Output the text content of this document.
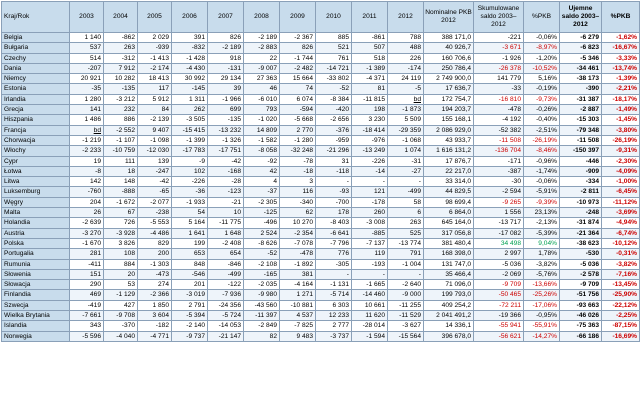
Kraj/Rok	2003	2004	2005	2006	2007	2008	2009	2010	2011	2012	Nominalne PKB 2012	Skumulowane saldo 2003–2012	%PKB	Ujemne saldo 2003–2012	%PKB
Belgia	1 140	-862	2 029	391	826	-2 189	-2 367	885	-861	788	388 171,0	-221	-0,06%	-6 279	-1,62%
Bułgaria	537	263	-939	-832	-2 189	-2 883	826	521	507	488	40 926,7	-3 671	-8,97%	-6 823	-16,67%
Czechy	514	-312	-1 413	-1 428	918	22	-1 744	761	518	226	160 706,6	-1 926	-1,20%	-5 346	-3,33%
Dania	-207	7 912	-2 174	-4 430	-131	-9 007	-2 482	-14 721	-1 389	-174	250 786,4	-26 378	-10,52%	-34 461	-13,74%
Niemcy	20 921	10 282	18 413	30 992	29 134	27 363	15 664	-33 802	-4 371	24 119	2 749 900,0	141 779	5,16%	-38 173	-1,39%
Estonia	-35	-135	117	-145	39	46	74	-52	81	-5	17 636,7	-33	-0,19%	-390	-2,21%
Irlandia	1 280	-3 212	5 912	1 311	-1 966	-6 010	6 074	-8 384	-11 815	bd	172 754,7	-16 810	-9,73%	-31 387	-18,17%
Grecja	141	232	84	262	699	793	-594	-420	198	-1 873	194 203,7	-478	-0,26%	-2 887	-1,49%
Hiszpania	1 486	886	-2 139	-3 505	-135	-1 020	-5 668	-2 656	3 230	5 509	155 168,1	-4 192	-0,40%	-15 303	-1,45%
Francja	bd	-2 552	9 407	-15 415	-13 232	14 809	2 770	-376	-18 414	-29 359	2 086 929,0	-52 382	-2,51%	-79 348	-3,80%
Chorwacja	-1 219	-1 107	-1 098	-1 399	-1 326	-1 582	-1 280	-959	-976	-1 068	43 933,7	-11 508	-26,19%	-11 508	-26,19%
Włochy	-2 233	-10 759	-12 030	-17 783	-17 751	-8 058	-32 248	-21 296	-13 249	1 074	1 616 131,2	-136 704	-8,46%	-150 397	-9,31%
Cypr	19	111	139	-9	-42	-92	-78	31	-226	-31	17 876,7	-171	-0,96%	-446	-2,30%
Łotwa	-8	18	-247	102	-168	42	-18	-118	-14	-27	22 217,0	-387	-1,74%	-909	-4,09%
Litwa	142	148	-42	-226	-28	4	3	-	-	-	33 314,0	-30	-0,06%	-334	-1,00%
Luksemburg	-760	-888	-65	-36	-123	-37	116	-93	121	-499	44 829,5	-2 594	-5,91%	-2 811	-6,45%
Węgry	204	-1 672	-2 077	-1 933	-21	-2 305	-340	-700	-178	58	98 699,4	-9 265	-9,39%	-10 973	-11,12%
Malta	26	67	-238	54	10	-125	62	178	260	6	6 864,0	1 556	23,13%	-248	-3,69%
Holandia	-2 639	726	-5 553	5 164	-11 775	-496	10 270	-8 403	-3 008	263	645 164,0	-13 717	-2,13%	-31 874	-4,94%
Austria	-3 270	-3 928	-4 486	1 641	1 648	2 524	-2 354	-6 641	-885	525	317 056,8	-17 082	-5,39%	-21 364	-6,74%
Polska	-1 670	3 826	829	199	-2 408	-8 626	-7 078	-7 796	-7 137	-13 774	381 480,4	34 498	9,04%	-38 623	-10,12%
Portugalia	281	108	200	653	654	-52	-478	776	119	791	168 398,0	2 997	1,78%	-530	-0,31%
Rumunia	-411	884	-1 303	848	-846	-2 108	-1 892	-305	-193	-1 004	131 747,0	-5 036	-3,82%	-5 036	-3,82%
Słowenia	151	20	-473	-546	-499	-165	381	-	-	-	35 466,4	-2 069	-5,76%	-2 578	-7,16%
Słowacja	290	53	274	201	-122	-2 035	-4 164	-1 131	-1 665	-2 640	71 096,0	-9 709	-13,66%	-9 709	-13,45%
Finlandia	469	-1 129	-2 366	-3 019	-7 936	-9 980	1 271	-5 714	-14 460	-9 000	199 793,0	-50 465	-25,26%	-51 756	-25,90%
Szwecja	-419	427	1 850	2 791	-24 356	-43 560	-10 881	6 303	10 661	-11 255	409 254,2	-72 211	-17,06%	-93 663	-22,12%
Wielka Brytania	-7 661	-9 708	3 604	-5 394	-5 724	-11 397	4 537	12 233	11 620	-11 529	2 041 491,2	-19 366	-0,95%	-46 026	-2,25%
Islandia	343	-370	-182	-2 140	-14 053	-2 849	-7 825	2 777	-28 014	-3 627	14 336,1	-55 941	-55,91%	-75 363	-87,15%
Norwegia	-5 596	-4 040	-4 771	-9 737	-21 147	82	9 483	-3 737	-1 594	-15 564	396 678,0	-56 621	-14,27%	-66 186	-16,69%
